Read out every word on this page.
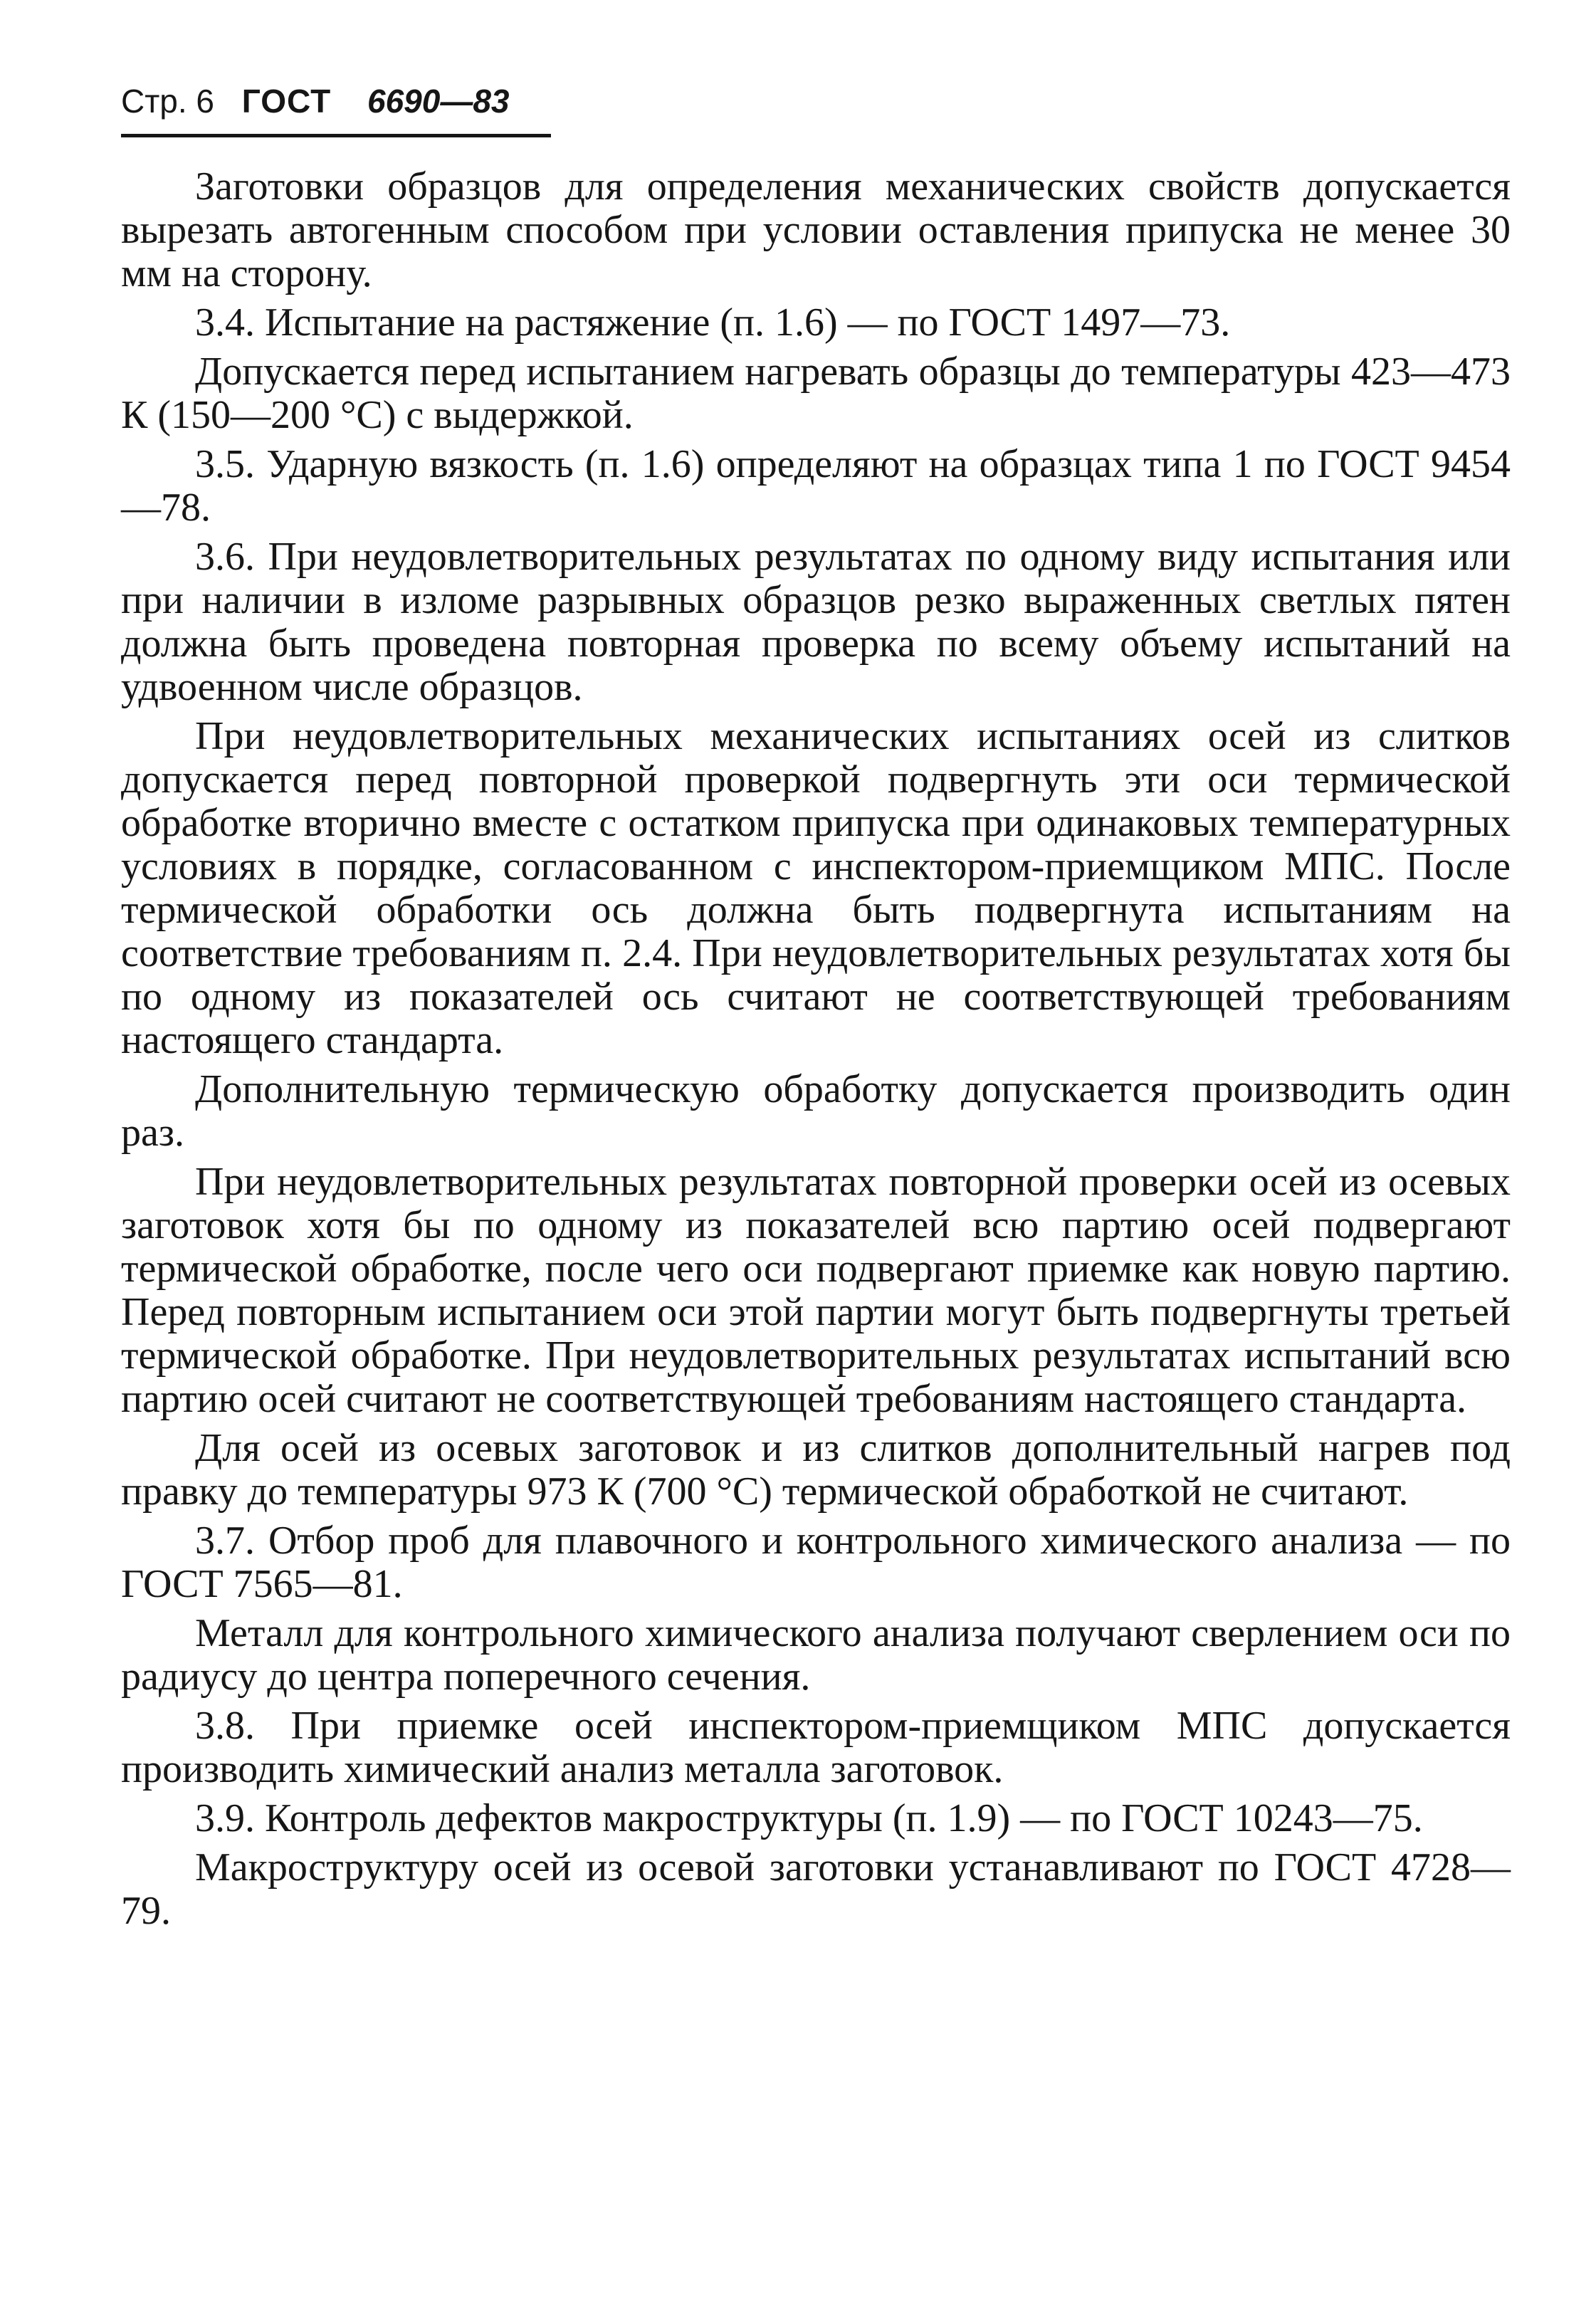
Стр. 6 ГОСТ 6690—83

Заготовки образцов для определения механических свойств допускается вырезать автогенным способом при условии оставления припуска не менее 30 мм на сторону.

3.4. Испытание на растяжение (п. 1.6) — по ГОСТ 1497—73.

Допускается перед испытанием нагревать образцы до температуры 423—473 К (150—200 °С) с выдержкой.

3.5. Ударную вязкость (п. 1.6) определяют на образцах типа 1 по ГОСТ 9454—78.

3.6. При неудовлетворительных результатах по одному виду испытания или при наличии в изломе разрывных образцов резко выраженных светлых пятен должна быть проведена повторная проверка по всему объему испытаний на удвоенном числе образцов.

При неудовлетворительных механических испытаниях осей из слитков допускается перед повторной проверкой подвергнуть эти оси термической обработке вторично вместе с остатком припуска при одинаковых температурных условиях в порядке, согласованном с инспектором-приемщиком МПС. После термической обработки ось должна быть подвергнута испытаниям на соответствие требованиям п. 2.4. При неудовлетворительных результатах хотя бы по одному из показателей ось считают не соответствующей требованиям настоящего стандарта.

Дополнительную термическую обработку допускается производить один раз.

При неудовлетворительных результатах повторной проверки осей из осевых заготовок хотя бы по одному из показателей всю партию осей подвергают термической обработке, после чего оси подвергают приемке как новую партию. Перед повторным испытанием оси этой партии могут быть подвергнуты третьей термической обработке. При неудовлетворительных результатах испытаний всю партию осей считают не соответствующей требованиям настоящего стандарта.

Для осей из осевых заготовок и из слитков дополнительный нагрев под правку до температуры 973 К (700 °С) термической обработкой не считают.

3.7. Отбор проб для плавочного и контрольного химического анализа — по ГОСТ 7565—81.

Металл для контрольного химического анализа получают сверлением оси по радиусу до центра поперечного сечения.

3.8. При приемке осей инспектором-приемщиком МПС допускается производить химический анализ металла заготовок.

3.9. Контроль дефектов макроструктуры (п. 1.9) — по ГОСТ 10243—75.

Макроструктуру осей из осевой заготовки устанавливают по ГОСТ 4728—79.
